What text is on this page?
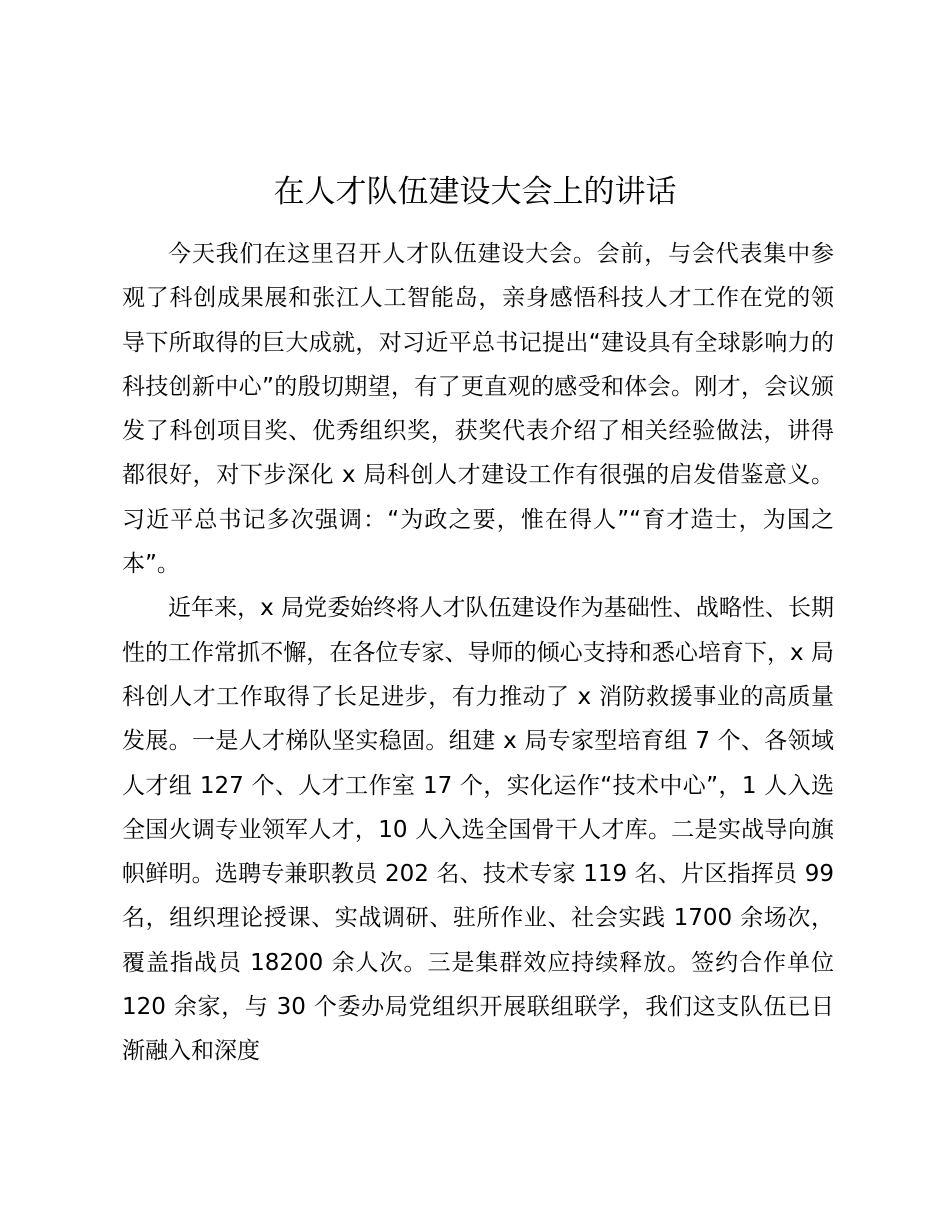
在人才队伍建设大会上的讲话

今天我们在这里召开人才队伍建设大会。会前，与会代表集中参观了科创成果展和张江人工智能岛，亲身感悟科技人才工作在党的领导下所取得的巨大成就，对习近平总书记提出“建设具有全球影响力的科技创新中心”的殷切期望，有了更直观的感受和体会。刚才，会议颁发了科创项目奖、优秀组织奖，获奖代表介绍了相关经验做法，讲得都很好，对下步深化 x 局科创人才建设工作有很强的启发借鉴意义。习近平总书记多次强调：“为政之要，惟在得人”“育才造士，为国之本”。

近年来，x 局党委始终将人才队伍建设作为基础性、战略性、长期性的工作常抓不懈，在各位专家、导师的倾心支持和悉心培育下，x 局科创人才工作取得了长足进步，有力推动了 x 消防救援事业的高质量发展。一是人才梯队坚实稳固。组建 x 局专家型培育组 7 个、各领域人才组 127 个、人才工作室 17 个，实化运作“技术中心”，1 人入选全国火调专业领军人才，10 人入选全国骨干人才库。二是实战导向旗帜鲜明。选聘专兼职教员 202 名、技术专家 119 名、片区指挥员 99 名，组织理论授课、实战调研、驻所作业、社会实践 1700 余场次，覆盖指战员 18200 余人次。三是集群效应持续释放。签约合作单位 120 余家，与 30 个委办局党组织开展联组联学，我们这支队伍已日渐融入和深度
